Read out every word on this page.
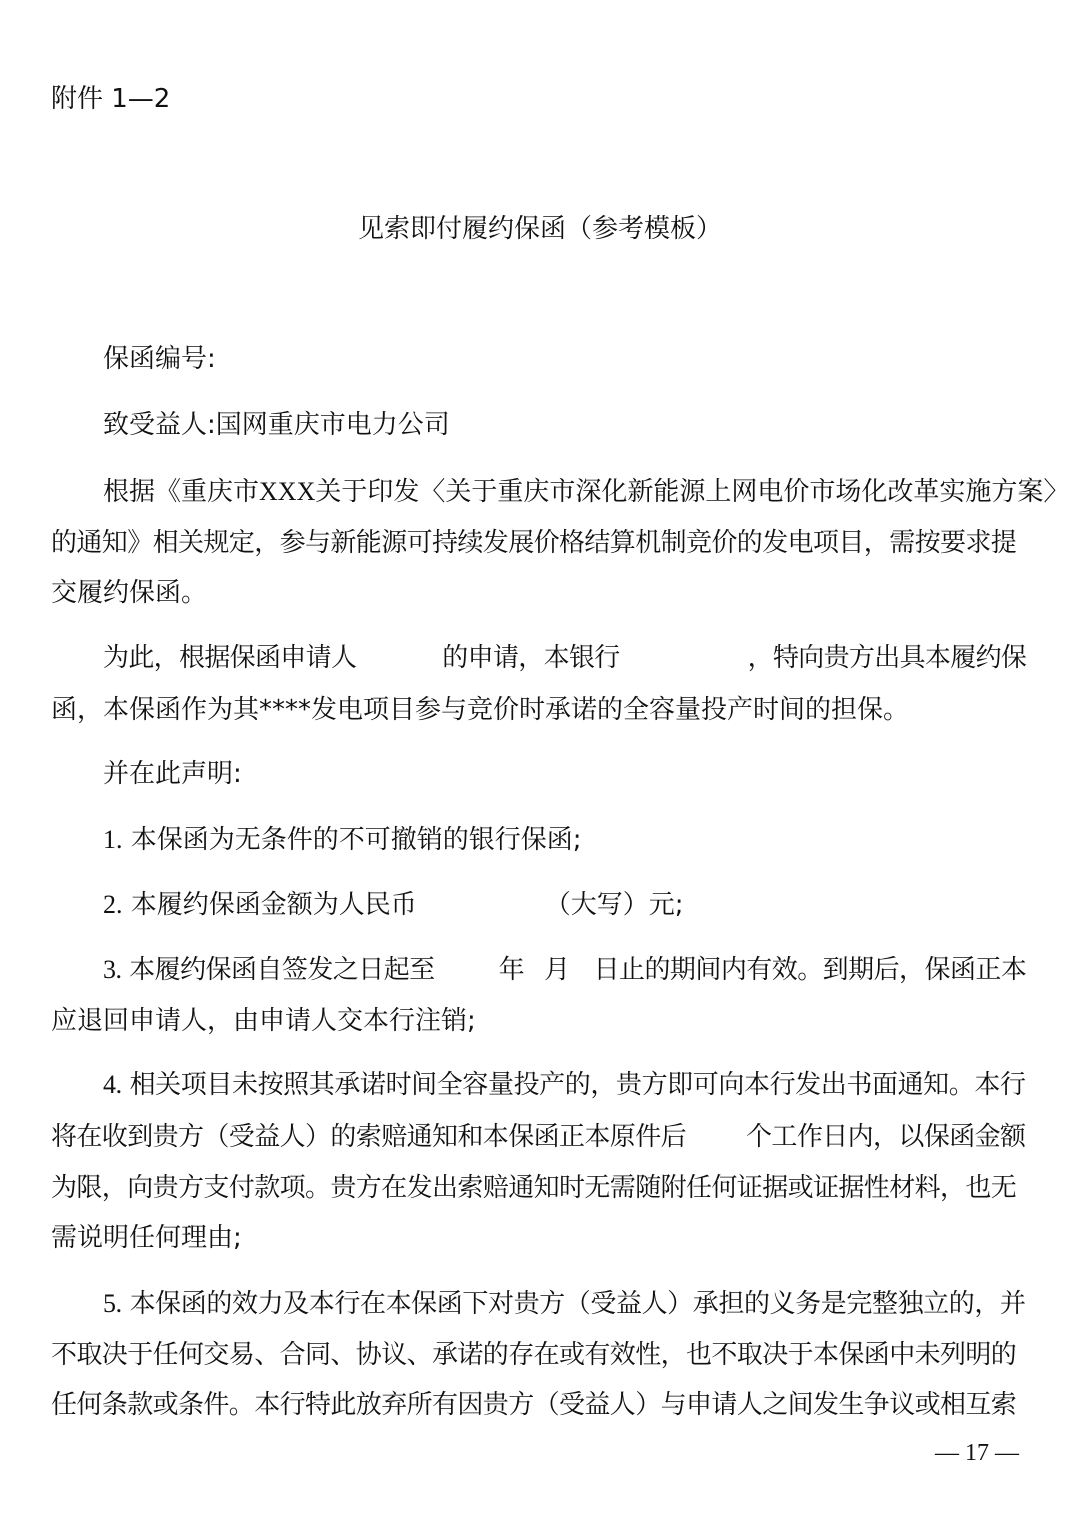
附件 1—2
见索即付履约保函（参考模板）
保函编号:
致受益人:国网重庆市电力公司
根据《重庆市 XXX 关于印发〈关于重庆市深化新能源上网电价市场化改革实施方案〉
的通知》相关规定，参与新能源可持续发展价格结算机制竞价的发电项目，需按要求提
交履约保函。
为此，根据保函申请人	的申请，本银行	，特向贵方出具本履约保
函，本保函作为其****发电项目参与竞价时承诺的全容量投产时间的担保。
并在此声明:
1. 本保函为无条件的不可撤销的银行保函;
2. 本履约保函金额为人民币	（大写）元;
3. 本履约保函自签发之日起至 年 月 日止的期间内有效。到期后，保函正本
应退回申请人，由申请人交本行注销;
4. 相关项目未按照其承诺时间全容量投产的，贵方即可向本行发出书面通知。本行
将在收到贵方（受益人）的索赔通知和本保函正本原件后 个工作日内，以保函金额
为限，向贵方支付款项。贵方在发出索赔通知时无需随附任何证据或证据性材料，也无
需说明任何理由;
5. 本保函的效力及本行在本保函下对贵方（受益人）承担的义务是完整独立的，并
不取决于任何交易、合同、协议、承诺的存在或有效性，也不取决于本保函中未列明的
任何条款或条件。本行特此放弃所有因贵方（受益人）与申请人之间发生争议或相互索
— 17 —
